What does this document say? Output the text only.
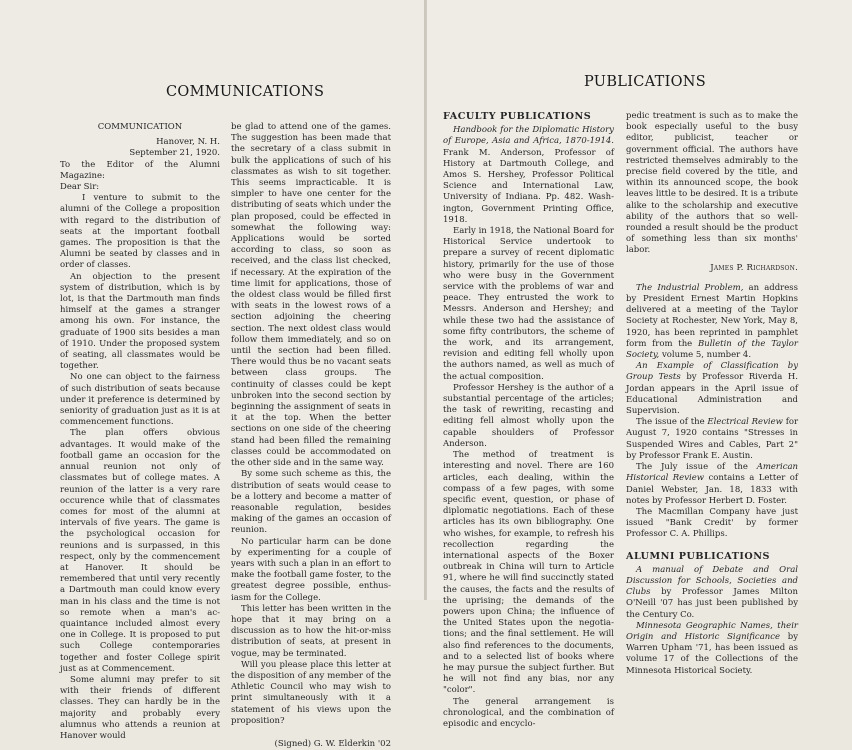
COMMUNICATIONS

COMMUNICATION

Hanover, N. H.

September 21, 1920.

To the Editor of the Alumni Magazine:

Dear Sir:

I venture to submit to the alumni of the College a proposition with regard to the distribution of seats at the important football games. The proposition is that the Alumni be seated by classes and in order of classes.

An objection to the present system of distribution, which is by lot, is that the Dartmouth man finds himself at the games a stranger among his own. For instance, the graduate of 1900 sits besides a man of 1910. Under the proposed system of seating, all classmates would be together.

No one can object to the fairness of such distribution of seats because under it preference is determined by seniority of graduation just as it is at commencement functions.

The plan offers obvious advantages. It would make of the football game an occasion for the annual reunion not only of classmates but of college mates. A reunion of the latter is a very rare occurence while that of classmates comes for most of the alumni at intervals of five years. The game is the psychological occasion for reunions and is surpassed, in this respect, only by the commencement at Hanover. It should be remembered that until very recently a Dartmouth man could know every man in his class and the time is not so remote when a man's acquaintance included almost every one in College. It is proposed to put such College contemporaries together and foster College spirit just as at Commencement.

Some alumni may prefer to sit with their friends of different classes. They can hardly be in the majority and probably every alumnus who attends a reunion at Hanover would

be glad to attend one of the games. The suggestion has been made that the secretary of a class submit in bulk the applications of such of his classmates as wish to sit together. This seems impracticable. It is simpler to have one center for the distributing of seats which under the plan proposed, could be effected in somewhat the following way: Applications would be sorted according to class, so soon as received, and the class list checked, if necessary. At the expiration of the time limit for applications, those of the oldest class would be filled first with seats in the lowest rows of a section adjoining the cheering section. The next oldest class would follow them immediately, and so on until the section had been filled. There would thus be no vacant seats between class groups. The continuity of classes could be kept unbroken into the second section by beginning the assignment of seats in it at the top. When the better sections on one side of the cheering stand had been filled the remaining classes could be accommodated on the other side and in the same way.

By some such scheme as this, the distribution of seats would cease to be a lottery and become a matter of reasonable regulation, besides making of the games an occasion of reunion.

No particular harm can be done by experimenting for a couple of years with such a plan in an effort to make the football game foster, to the greatest degree possible, enthusiasm for the College.

This letter has been written in the hope that it may bring on a discussion as to how the hit-or-miss distribution of seats, at present in vogue, may be terminated.

Will you please place this letter at the disposition of any member of the Athletic Council who may wish to print simultaneously with it a statement of his views upon the proposition?

(Signed) G. W. Elderkin '02

PUBLICATIONS

FACULTY PUBLICATIONS

Handbook for the Diplomatic History of Europe, Asia and Africa, 1870-1914. Frank M. Anderson, Professor of History at Dartmouth College, and Amos S. Hershey, Professor Political Science and International Law, University of Indiana. Pp. 482. Washington, Government Printing Office, 1918.

Early in 1918, the National Board for Historical Service undertook to prepare a survey of recent diplomatic history, primarily for the use of those who were busy in the Government service with the problems of war and peace. They entrusted the work to Messrs. Anderson and Hershey; and while these two had the assistance of some fifty contributors, the scheme of the work, and its arrangement, revision and editing fell wholly upon the authors named, as well as much of the actual composition.

Professor Hershey is the author of a substantial percentage of the articles; the task of rewriting, recasting and editing fell almost wholly upon the capable shoulders of Professor Anderson.

The method of treatment is interesting and novel. There are 160 articles, each dealing, within the compass of a few pages, with some specific event, question, or phase of diplomatic negotiations. Each of these articles has its own bibliography. One who wishes, for example, to refresh his recollection regarding the international aspects of the Boxer outbreak in China will turn to Article 91, where he will find succinctly stated the causes, the facts and the results of the uprising; the demands of the powers upon China; the influence of the United States upon the negotiations; and the final settlement. He will also find references to the documents, and to a selected list of books where he may pursue the subject further. But he will not find any bias, nor any "color".

The general arrangement is chronological, and the combination of episodic and encyclo-

pedic treatment is such as to make the book especially useful to the busy editor, publicist, teacher or government official. The authors have restricted themselves admirably to the precise field covered by the title, and within its announced scope, the book leaves little to be desired. It is a tribute alike to the scholarship and executive ability of the authors that so well-rounded a result should be the product of something less than six months' labor.

James P. Richardson.

The Industrial Problem, an address by President Ernest Martin Hopkins delivered at a meeting of the Taylor Society at Rochester, New York, May 8, 1920, has been reprinted in pamphlet form from the Bulletin of the Taylor Society, volume 5, number 4.

An Example of Classification by Group Tests by Professor Riverda H. Jordan appears in the April issue of Educational Administration and Supervision.

The issue of the Electrical Review for August 7, 1920 contains "Stresses in Suspended Wires and Cables, Part 2" by Professor Frank E. Austin.

The July issue of the American Historical Review contains a Letter of Daniel Webster, Jan. 18, 1833 with notes by Professor Herbert D. Foster.

The Macmillan Company have just issued "Bank Credit' by former Professor C. A. Phillips.

ALUMNI PUBLICATIONS

A manual of Debate and Oral Discussion for Schools, Societies and Clubs by Professor James Milton O'Neill '07 has just been published by the Century Co.

Minnesota Geographic Names, their Origin and Historic Significance by Warren Upham '71, has been issued as volume 17 of the Collections of the Minnesota Historical Society.
